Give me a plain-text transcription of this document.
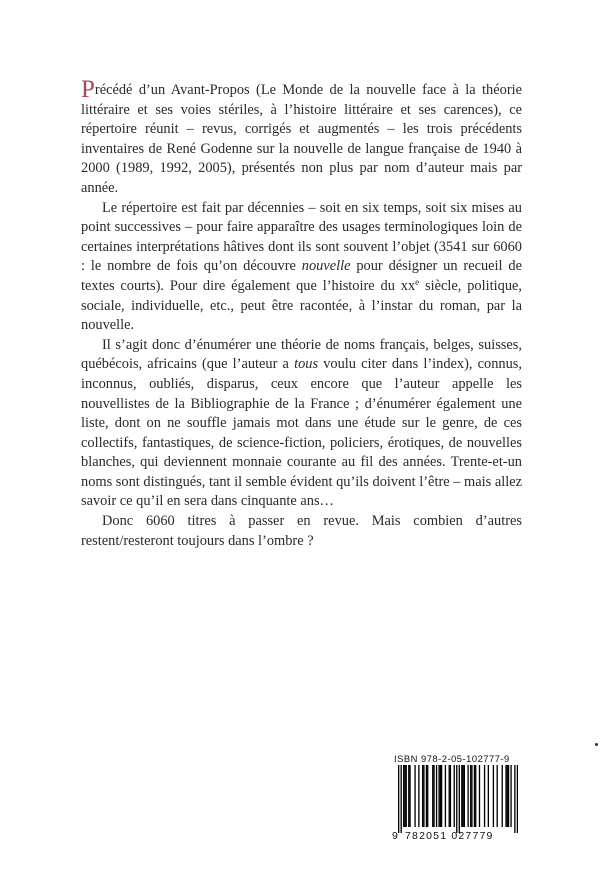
Précédé d’un Avant-Propos (Le Monde de la nouvelle face à la théorie littéraire et ses voies stériles, à l’histoire littéraire et ses carences), ce répertoire réunit – revus, corrigés et augmentés – les trois précédents inventaires de René Godenne sur la nouvelle de langue française de 1940 à 2000 (1989, 1992, 2005), présentés non plus par nom d’auteur mais par année.

Le répertoire est fait par décennies – soit en six temps, soit six mises au point successives – pour faire apparaître des usages terminologiques loin de certaines interprétations hâtives dont ils sont souvent l’objet (3541 sur 6060 : le nombre de fois qu’on découvre nouvelle pour désigner un recueil de textes courts). Pour dire également que l’histoire du $xx^e$ siècle, politique, sociale, individuelle, etc., peut être racontée, à l’instar du roman, par la nouvelle.

Il s’agit donc d’énumérer une théorie de noms français, belges, suisses, québécois, africains (que l’auteur a tous voulu citer dans l’index), connus, inconnus, oubliés, disparus, ceux encore que l’auteur appelle les nouvellistes de la Bibliographie de la France ; d’énumérer également une liste, dont on ne souffle jamais mot dans une étude sur le genre, de ces collectifs, fantastiques, de science-fiction, policiers, érotiques, de nouvelles blanches, qui deviennent monnaie courante au fil des années. Trente-et-un noms sont distingués, tant il semble évident qu’ils doivent l’être – mais allez savoir ce qu’il en sera dans cinquante ans…

Donc 6060 titres à passer en revue. Mais combien d’autres restent/resteront toujours dans l’ombre ?

ISBN 978-2-05-102777-9
9 782051 027779
